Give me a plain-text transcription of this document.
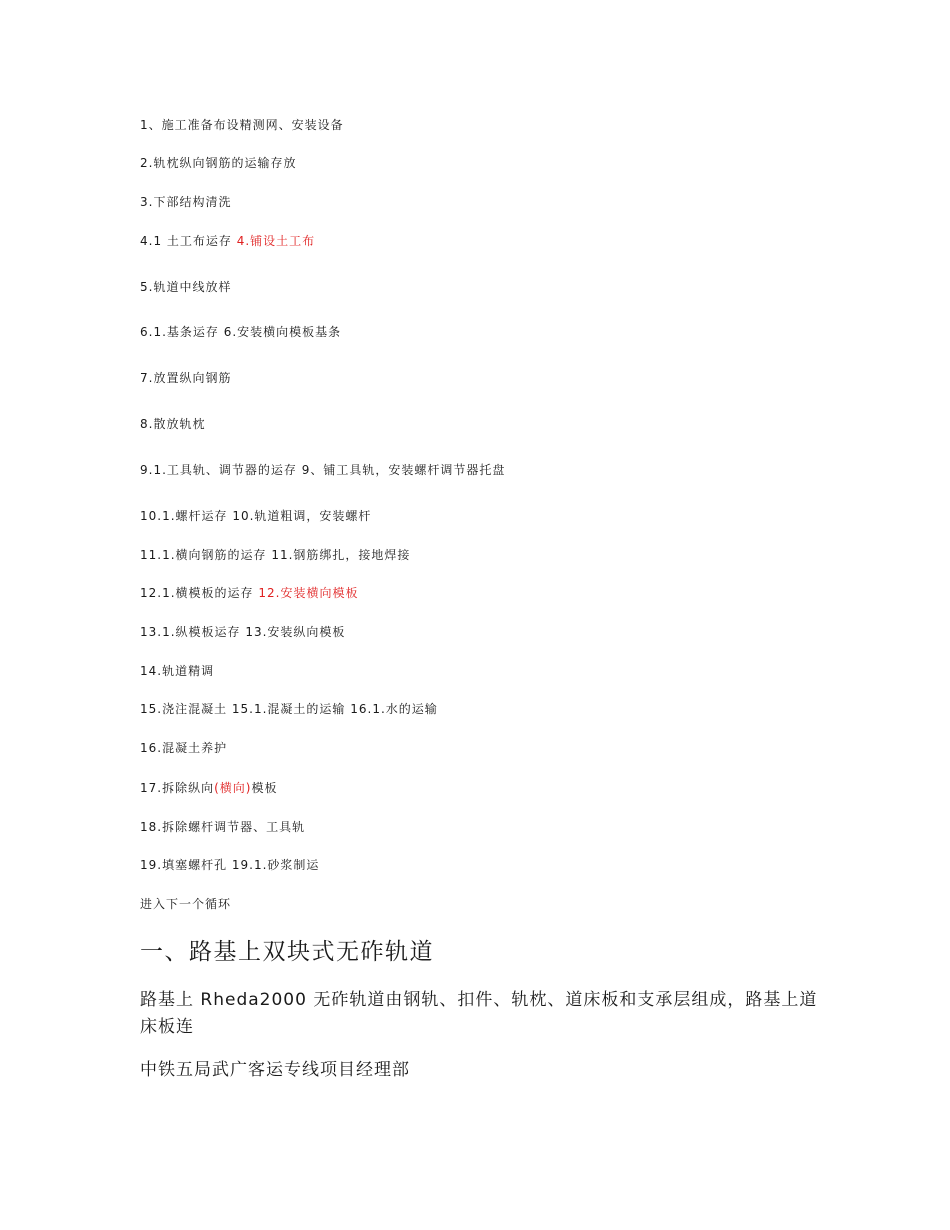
1、施工准备布设精测网、安装设备
2.轨枕纵向钢筋的运输存放
3.下部结构清洗
4.1 土工布运存 4.铺设土工布
5.轨道中线放样
6.1.基条运存 6.安装横向模板基条
7.放置纵向钢筋
8.散放轨枕
9.1.工具轨、调节器的运存 9、铺工具轨，安装螺杆调节器托盘
10.1.螺杆运存 10.轨道粗调，安装螺杆
11.1.横向钢筋的运存 11.钢筋绑扎，接地焊接
12.1.横模板的运存 12.安装横向模板
13.1.纵模板运存 13.安装纵向模板
14.轨道精调
15.浇注混凝土 15.1.混凝土的运输 16.1.水的运输
16.混凝土养护
17.拆除纵向(横向)模板
18.拆除螺杆调节器、工具轨
19.填塞螺杆孔 19.1.砂浆制运
进入下一个循环
一、路基上双块式无砟轨道
路基上 Rheda2000 无砟轨道由钢轨、扣件、轨枕、道床板和支承层组成，路基上道床板连
中铁五局武广客运专线项目经理部
